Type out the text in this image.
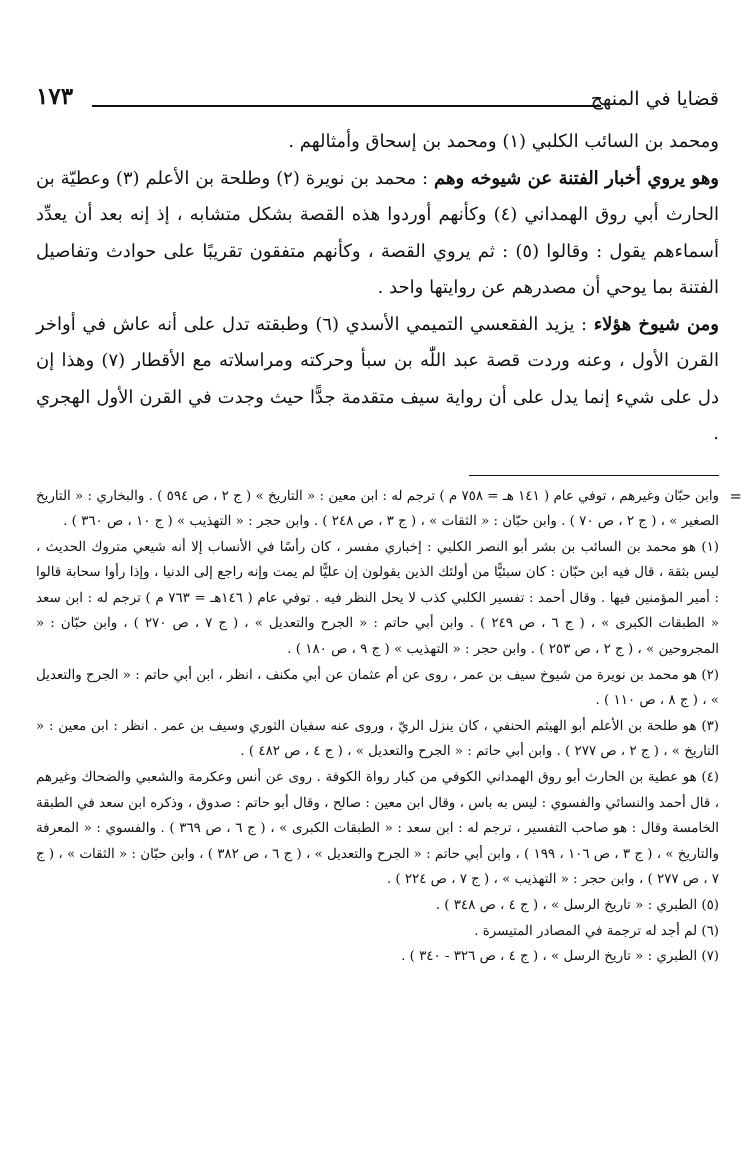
قضايا في المنهج
١٧٣

ومحمد بن السائب الكلبي (١) ومحمد بن إسحاق وأمثالهم .

وهو يروي أخبار الفتنة عن شيوخه وهم : محمد بن نويرة (٢) وطلحة بن الأعلم (٣) وعطيّة بن الحارث أبي روق الهمداني (٤) وكأنهم أوردوا هذه القصة بشكل متشابه ، إذ إنه بعد أن يعدِّد أسماءهم يقول : وقالوا (٥) : ثم يروي القصة ، وكأنهم متفقون تقريبًا على حوادث وتفاصيل الفتنة بما يوحي أن مصدرهم عن روايتها واحد .

ومن شيوخ هؤلاء : يزيد الفقعسي التميمي الأسدي (٦) وطبقته تدل على أنه عاش في أواخر القرن الأول ، وعنه وردت قصة عبد اللّٰه بن سبأ وحركته ومراسلاته مع الأقطار (٧) وهذا إن دل على شيء إنما يدل على أن رواية سيف متقدمة جدًّا حيث وجدت في القرن الأول الهجري .

وابن حبّان وغيرهم ، توفي عام ( ١٤١ هـ = ٧٥٨ م ) ترجم له : ابن معين : « التاريخ » ( ج ٢ ، ص ٥٩٤ ) . والبخاري : « التاريخ الصغير » ، ( ج ٢ ، ص ٧٠ ) . وابن حبّان : « الثقات » ، ( ج ٣ ، ص ٢٤٨ ) . وابن حجر : « التهذيب » ( ج ١٠ ، ص ٣٦٠ ) .

(١) هو محمد بن السائب بن بشر أبو النصر الكلبي : إخباري مفسر ، كان رأسًا في الأنساب إلا أنه شيعي متروك الحديث ، ليس بثقة ، قال فيه ابن حبّان : كان سبئيًّا من أولئك الذين يقولون إن عليًّا لم يمت وإنه راجع إلى الدنيا ، وإذا رأوا سحابة قالوا : أمير المؤمنين فيها . وقال أحمد : تفسير الكلبي كذب لا يحل النظر فيه . توفي عام ( ١٤٦هـ = ٧٦٣ م ) ترجم له : ابن سعد « الطبقات الكبرى » ، ( ج ٦ ، ص ٢٤٩ ) . وابن أبي حاتم : « الجرح والتعديل » ، ( ج ٧ ، ص ٢٧٠ ) ، وابن حبّان : « المجروحين » ، ( ج ٢ ، ص ٢٥٣ ) . وابن حجر : « التهذيب » ( ج ٩ ، ص ١٨٠ ) .

(٢) هو محمد بن نويرة من شيوخ سيف بن عمر ، روى عن أم عثمان عن أبي مكنف ، انظر ، ابن أبي حاتم : « الجرح والتعديل » ، ( ج ٨ ، ص ١١٠ ) .

(٣) هو طلحة بن الأعلم أبو الهيثم الحنفي ، كان ينزل الريّ ، وروى عنه سفيان الثوري وسيف بن عمر . انظر : ابن معين : « التاريخ » ، ( ج ٢ ، ص ٢٧٧ ) . وابن أبي حاتم : « الجرح والتعديل » ، ( ج ٤ ، ص ٤٨٢ ) .

(٤) هو عطية بن الحارث أبو روق الهمداني الكوفي من كبار رواة الكوفة . روى عن أنس وعكرمة والشعبي والضحاك وغيرهم ، قال أحمد والنسائي والفسوي : ليس به باس ، وقال ابن معين : صالح ، وقال أبو حاتم : صدوق ، وذكره ابن سعد في الطبقة الخامسة وقال : هو صاحب التفسير ، ترجم له : ابن سعد : « الطبقات الكبرى » ، ( ج ٦ ، ص ٣٦٩ ) . والفسوي : « المعرفة والتاريخ » ، ( ج ٣ ، ص ١٠٦ ، ١٩٩ ) ، وابن أبي حاتم : « الجرح والتعديل » ، ( ج ٦ ، ص ٣٨٢ ) ، وابن حبّان : « الثقات » ، ( ج ٧ ، ص ٢٧٧ ) ، وابن حجر : « التهذيب » ، ( ج ٧ ، ص ٢٢٤ ) .

(٥) الطبري : « تاريخ الرسل » ، ( ج ٤ ، ص ٣٤٨ ) .

(٦) لم أجد له ترجمة في المصادر المتيسرة .

(٧) الطبري : « تاريخ الرسل » ، ( ج ٤ ، ص ٣٢٦ - ٣٤٠ ) .

=
